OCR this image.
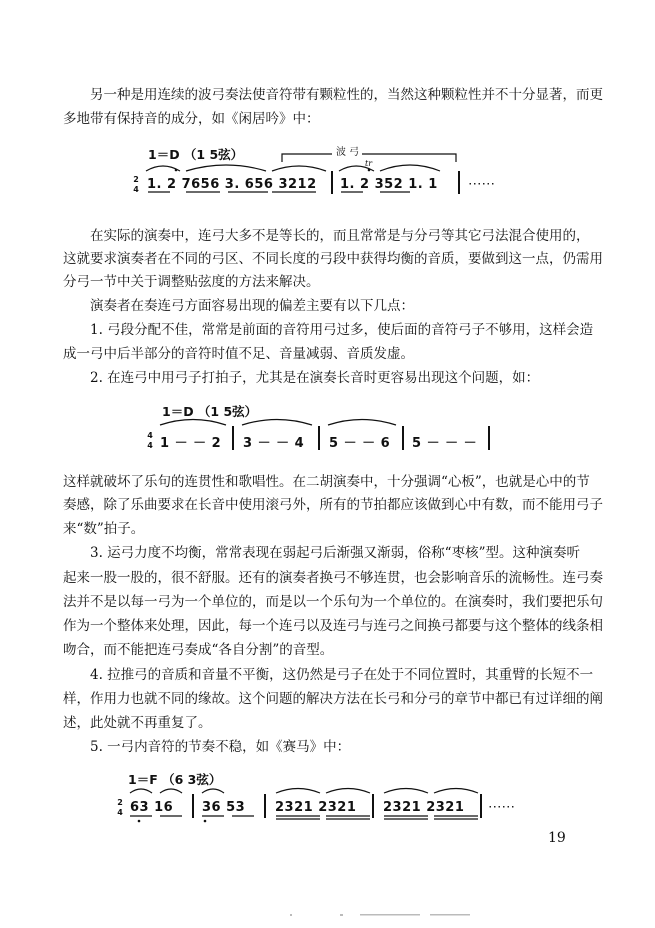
另一种是用连续的波弓奏法使音符带有颗粒性的，当然这种颗粒性并不十分显著，而更
多地带有保持音的成分，如《闲居吟》中：
1＝D （1 5弦）	波 弓
tr
2
4 1. 2 7656 3. 656 3212 1. 2 352 1. 1 ⋯⋯
在实际的演奏中，连弓大多不是等长的，而且常常是与分弓等其它弓法混合使用的，
这就要求演奏者在不同的弓区、不同长度的弓段中获得均衡的音质，要做到这一点，仍需用
分弓一节中关于调整贴弦度的方法来解决。
演奏者在奏连弓方面容易出现的偏差主要有以下几点：
1. 弓段分配不佳，常常是前面的音符用弓过多，使后面的音符弓子不够用，这样会造
成一弓中后半部分的音符时值不足、音量减弱、音质发虚。
2. 在连弓中用弓子打拍子，尤其是在演奏长音时更容易出现这个问题，如：
1＝D （1 5弦）
4
4 1 － － 2 3 － － 4 5 － － 6 5 － － －
这样就破坏了乐句的连贯性和歌唱性。在二胡演奏中，十分强调“心板”，也就是心中的节
奏感，除了乐曲要求在长音中使用滚弓外，所有的节拍都应该做到心中有数，而不能用弓子
来“数”拍子。
3. 运弓力度不均衡，常常表现在弱起弓后渐强又渐弱，俗称“枣核”型。这种演奏听
起来一股一股的，很不舒服。还有的演奏者换弓不够连贯，也会影响音乐的流畅性。连弓奏
法并不是以每一弓为一个单位的，而是以一个乐句为一个单位的。在演奏时，我们要把乐句
作为一个整体来处理，因此，每一个连弓以及连弓与连弓之间换弓都要与这个整体的线条相
吻合，而不能把连弓奏成“各自分割”的音型。
4. 拉推弓的音质和音量不平衡，这仍然是弓子在处于不同位置时，其重臂的长短不一
样，作用力也就不同的缘故。这个问题的解决方法在长弓和分弓的章节中都已有过详细的阐
述，此处就不再重复了。
5. 一弓内音符的节奏不稳，如《赛马》中：
1＝F （6 3弦）
2
4 63 16 36 53 2321 2321 2321 2321 ⋯⋯
19
